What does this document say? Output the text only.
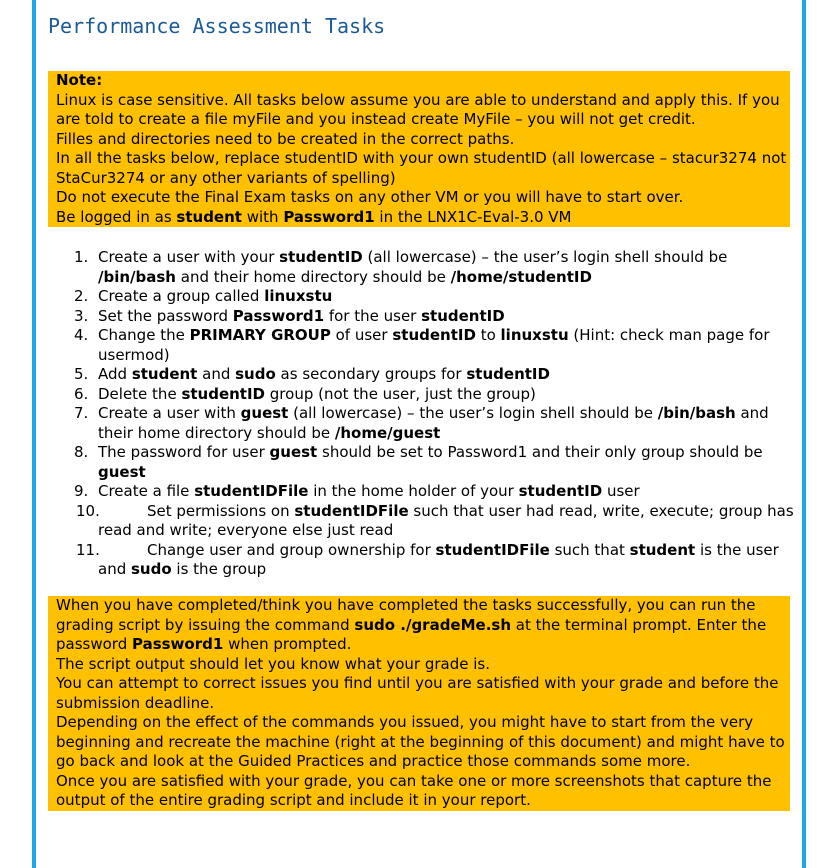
Performance Assessment Tasks

Note:

Linux is case sensitive. All tasks below assume you are able to understand and apply this. If you are told to create a file myFile and you instead create MyFile – you will not get credit.

Filles and directories need to be created in the correct paths.

In all the tasks below, replace studentID with your own studentID (all lowercase – stacur3274 not StaCur3274 or any other variants of spelling)

Do not execute the Final Exam tasks on any other VM or you will have to start over.

Be logged in as student with Password1 in the LNX1C-Eval-3.0 VM

1. Create a user with your studentID (all lowercase) – the user’s login shell should be /bin/bash and their home directory should be /home/studentID
2. Create a group called linuxstu
3. Set the password Password1 for the user studentID
4. Change the PRIMARY GROUP of user studentID to linuxstu (Hint: check man page for usermod)
5. Add student and sudo as secondary groups for studentID
6. Delete the studentID group (not the user, just the group)
7. Create a user with guest (all lowercase) – the user’s login shell should be /bin/bash and their home directory should be /home/guest
8. The password for user guest should be set to Password1 and their only group should be guest
9. Create a file studentIDFile in the home holder of your studentID user
10.	Set permissions on studentIDFile such that user had read, write, execute; group has read and write; everyone else just read
11.	Change user and group ownership for studentIDFile such that student is the user and sudo is the group

When you have completed/think you have completed the tasks successfully, you can run the grading script by issuing the command sudo ./gradeMe.sh at the terminal prompt. Enter the password Password1 when prompted.

The script output should let you know what your grade is.

You can attempt to correct issues you find until you are satisfied with your grade and before the submission deadline.

Depending on the effect of the commands you issued, you might have to start from the very beginning and recreate the machine (right at the beginning of this document) and might have to go back and look at the Guided Practices and practice those commands some more.

Once you are satisfied with your grade, you can take one or more screenshots that capture the output of the entire grading script and include it in your report.
